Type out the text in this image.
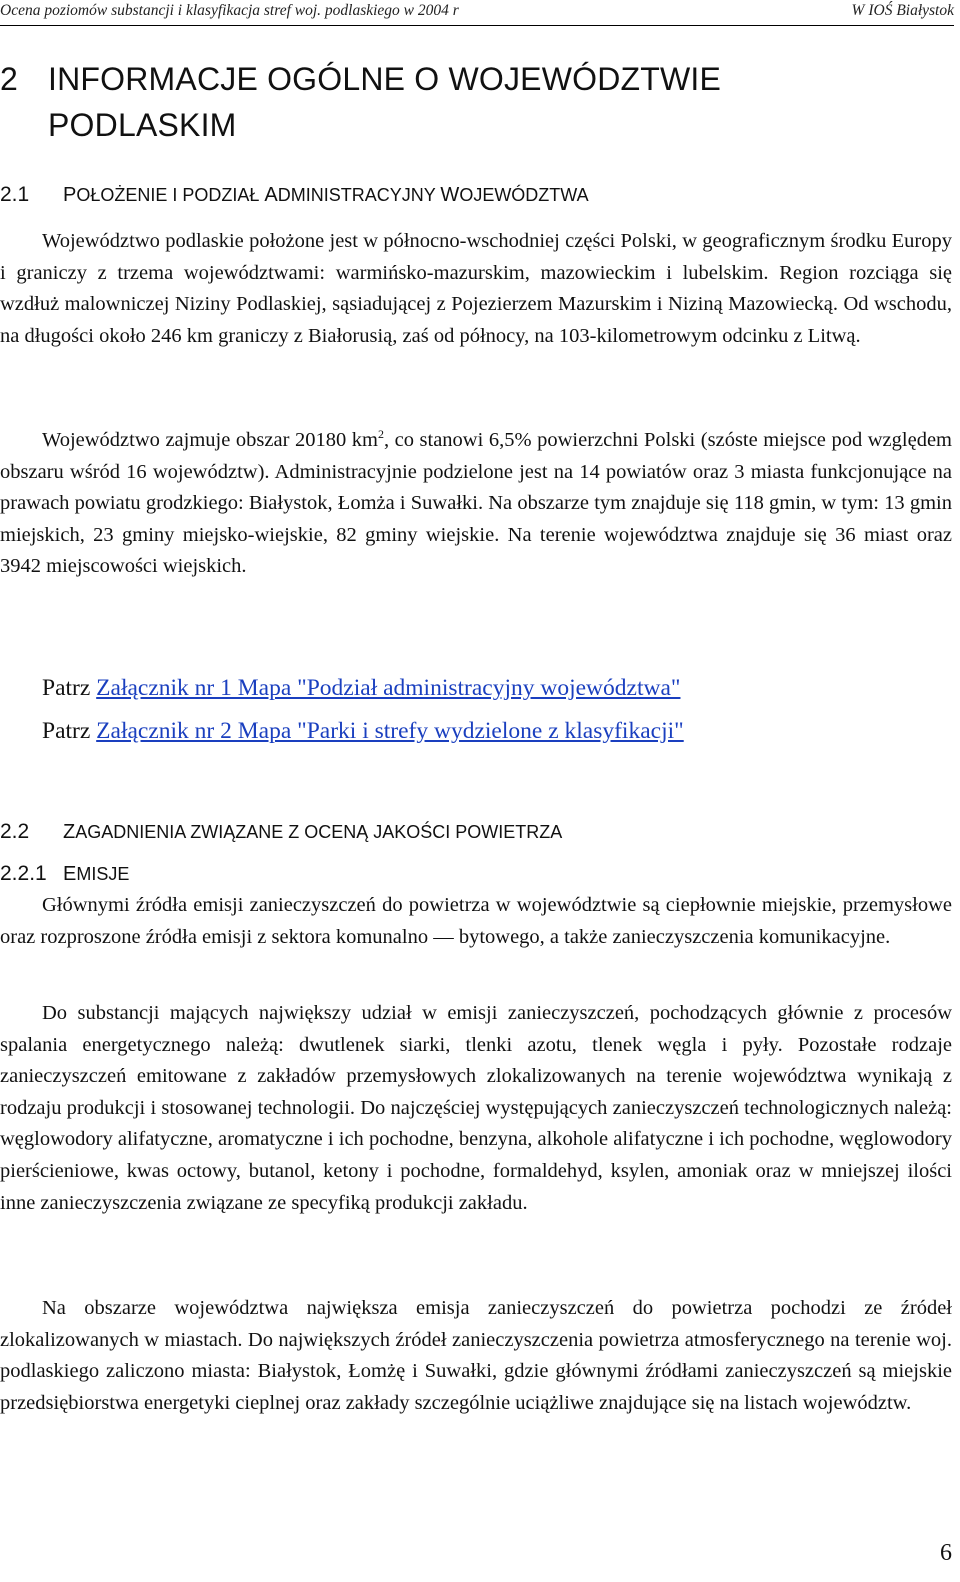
Ocena poziomów substancji i klasyfikacja stref woj. podlaskiego w 2004 r	W IOŚ Białystok
2 INFORMACJE OGÓLNE O WOJEWÓDZTWIE
PODLASKIM
2.1 POŁOŻENIE I PODZIAŁ ADMINISTRACYJNY WOJEWÓDZTWA

Województwo podlaskie położone jest w północno-wschodniej części Polski, w geograficznym środku Europy i graniczy z trzema województwami: warmińsko-mazurskim, mazowieckim i lubelskim. Region rozciąga się wzdłuż malowniczej Niziny Podlaskiej, sąsiadującej z Pojezierzem Mazurskim i Niziną Mazowiecką. Od wschodu, na długości około 246 km graniczy z Białorusią, zaś od północy, na 103-kilometrowym odcinku z Litwą.

Województwo zajmuje obszar 20180 $km^2$, co stanowi 6,5% powierzchni Polski (szóste miejsce pod względem obszaru wśród 16 województw). Administracyjnie podzielone jest na 14 powiatów oraz 3 miasta funkcjonujące na prawach powiatu grodzkiego: Białystok, Łomża i Suwałki. Na obszarze tym znajduje się 118 gmin, w tym: 13 gmin miejskich, 23 gminy miejsko-wiejskie, 82 gminy wiejskie. Na terenie województwa znajduje się 36 miast oraz 3942 miejscowości wiejskich.

Patrz Załącznik nr 1 Mapa "Podział administracyjny województwa"
Patrz Załącznik nr 2 Mapa "Parki i strefy wydzielone z klasyfikacji"
2.2 ZAGADNIENIA ZWIĄZANE Z OCENĄ JAKOŚCI POWIETRZA
2.2.1 EMISJE

Głównymi źródła emisji zanieczyszczeń do powietrza w województwie są ciepłownie miejskie, przemysłowe oraz rozproszone źródła emisji z sektora komunalno — bytowego, a także zanieczyszczenia komunikacyjne.

Do substancji mających największy udział w emisji zanieczyszczeń, pochodzących głównie z procesów spalania energetycznego należą: dwutlenek siarki, tlenki azotu, tlenek węgla i pyły. Pozostałe rodzaje zanieczyszczeń emitowane z zakładów przemysłowych zlokalizowanych na terenie województwa wynikają z rodzaju produkcji i stosowanej technologii. Do najczęściej występujących zanieczyszczeń technologicznych należą: węglowodory alifatyczne, aromatyczne i ich pochodne, benzyna, alkohole alifatyczne i ich pochodne, węglowodory pierścieniowe, kwas octowy, butanol, ketony i pochodne, formaldehyd, ksylen, amoniak oraz w mniejszej ilości inne zanieczyszczenia związane ze specyfiką produkcji zakładu.

Na obszarze województwa największa emisja zanieczyszczeń do powietrza pochodzi ze źródeł zlokalizowanych w miastach. Do największych źródeł zanieczyszczenia powietrza atmosferycznego na terenie woj. podlaskiego zaliczono miasta: Białystok, Łomżę i Suwałki, gdzie głównymi źródłami zanieczyszczeń są miejskie przedsiębiorstwa energetyki cieplnej oraz zakłady szczególnie uciążliwe znajdujące się na listach województw.

6
